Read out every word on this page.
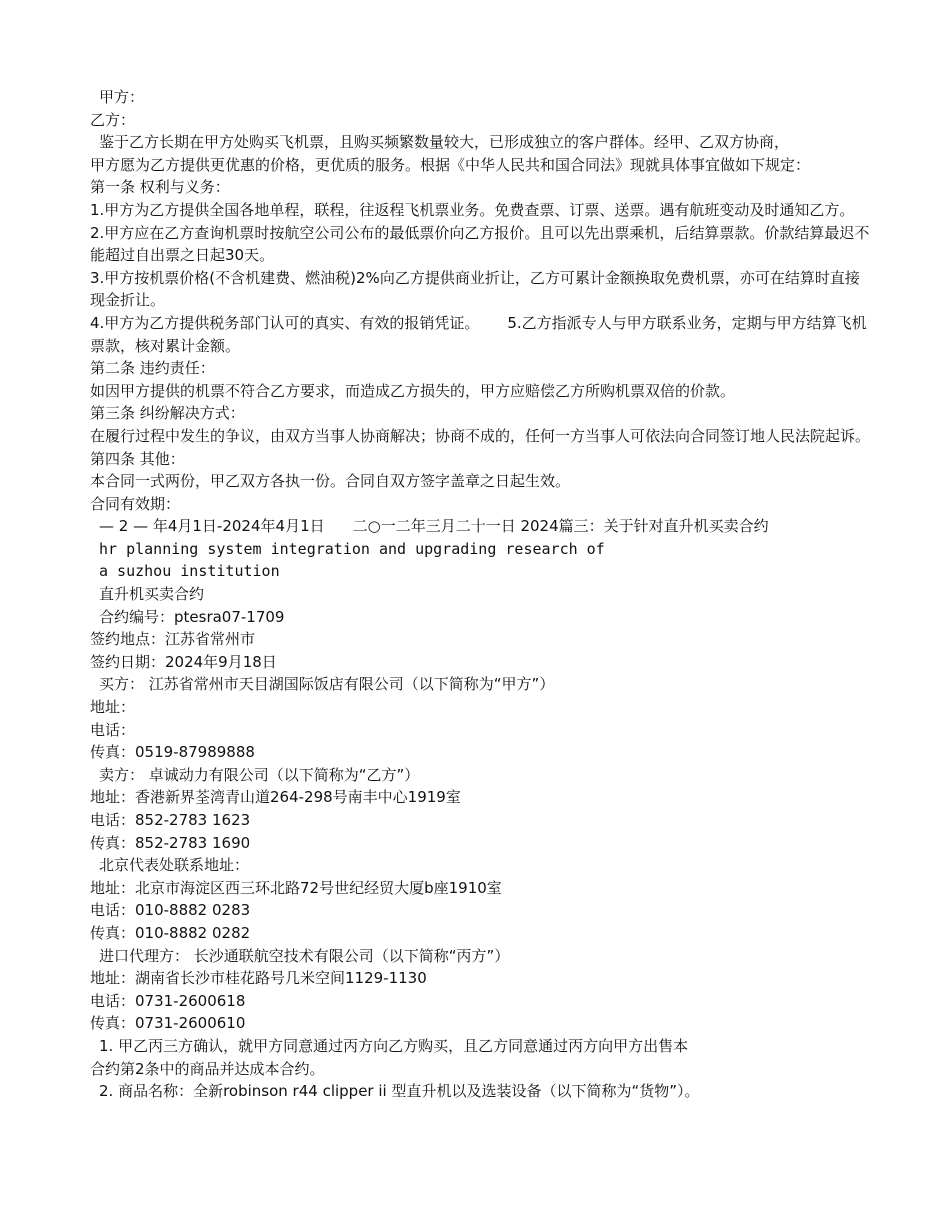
甲方：
乙方：
鉴于乙方长期在甲方处购买飞机票，且购买频繁数量较大，已形成独立的客户群体。经甲、乙双方协商，
甲方愿为乙方提供更优惠的价格，更优质的服务。根据《中华人民共和国合同法》现就具体事宜做如下规定：
第一条 权利与义务：
1.甲方为乙方提供全国各地单程，联程，往返程飞机票业务。免费查票、订票、送票。遇有航班变动及时通知乙方。
2.甲方应在乙方查询机票时按航空公司公布的最低票价向乙方报价。且可以先出票乘机，后结算票款。价款结算最迟不能超过自出票之日起30天。
3.甲方按机票价格(不含机建费、燃油税)2%向乙方提供商业折让，乙方可累计金额换取免费机票，亦可在结算时直接现金折让。
4.甲方为乙方提供税务部门认可的真实、有效的报销凭证。 5.乙方指派专人与甲方联系业务，定期与甲方结算飞机票款，核对累计金额。
第二条 违约责任：
如因甲方提供的机票不符合乙方要求，而造成乙方损失的，甲方应赔偿乙方所购机票双倍的价款。
第三条 纠纷解决方式：
在履行过程中发生的争议，由双方当事人协商解决；协商不成的，任何一方当事人可依法向合同签订地人民法院起诉。
第四条 其他：
本合同一式两份，甲乙双方各执一份。合同自双方签字盖章之日起生效。
合同有效期：
— 2 — 年4月1日-2024年4月1日 二○一二年三月二十一日 2024篇三：关于针对直升机买卖合约
hr planning system integration and upgrading research of
a suzhou institution
直升机买卖合约
合约编号：ptesra07-1709
签约地点：江苏省常州市
签约日期：2024年9月18日
买方： 江苏省常州市天目湖国际饭店有限公司（以下简称为“甲方”）
地址：
电话：
传真：0519-87989888
卖方： 卓诚动力有限公司（以下简称为“乙方”）
地址：香港新界荃湾青山道264-298号南丰中心1919室
电话：852-2783 1623
传真：852-2783 1690
北京代表处联系地址：
地址：北京市海淀区西三环北路72号世纪经贸大厦b座1910室
电话：010-8882 0283
传真：010-8882 0282
进口代理方： 长沙通联航空技术有限公司（以下简称“丙方”）
地址：湖南省长沙市桂花路号几米空间1129-1130
电话：0731-2600618
传真：0731-2600610
1. 甲乙丙三方确认，就甲方同意通过丙方向乙方购买，且乙方同意通过丙方向甲方出售本
合约第2条中的商品并达成本合约。
2. 商品名称：全新robinson r44 clipper ii 型直升机以及选装设备（以下简称为“货物”）。
